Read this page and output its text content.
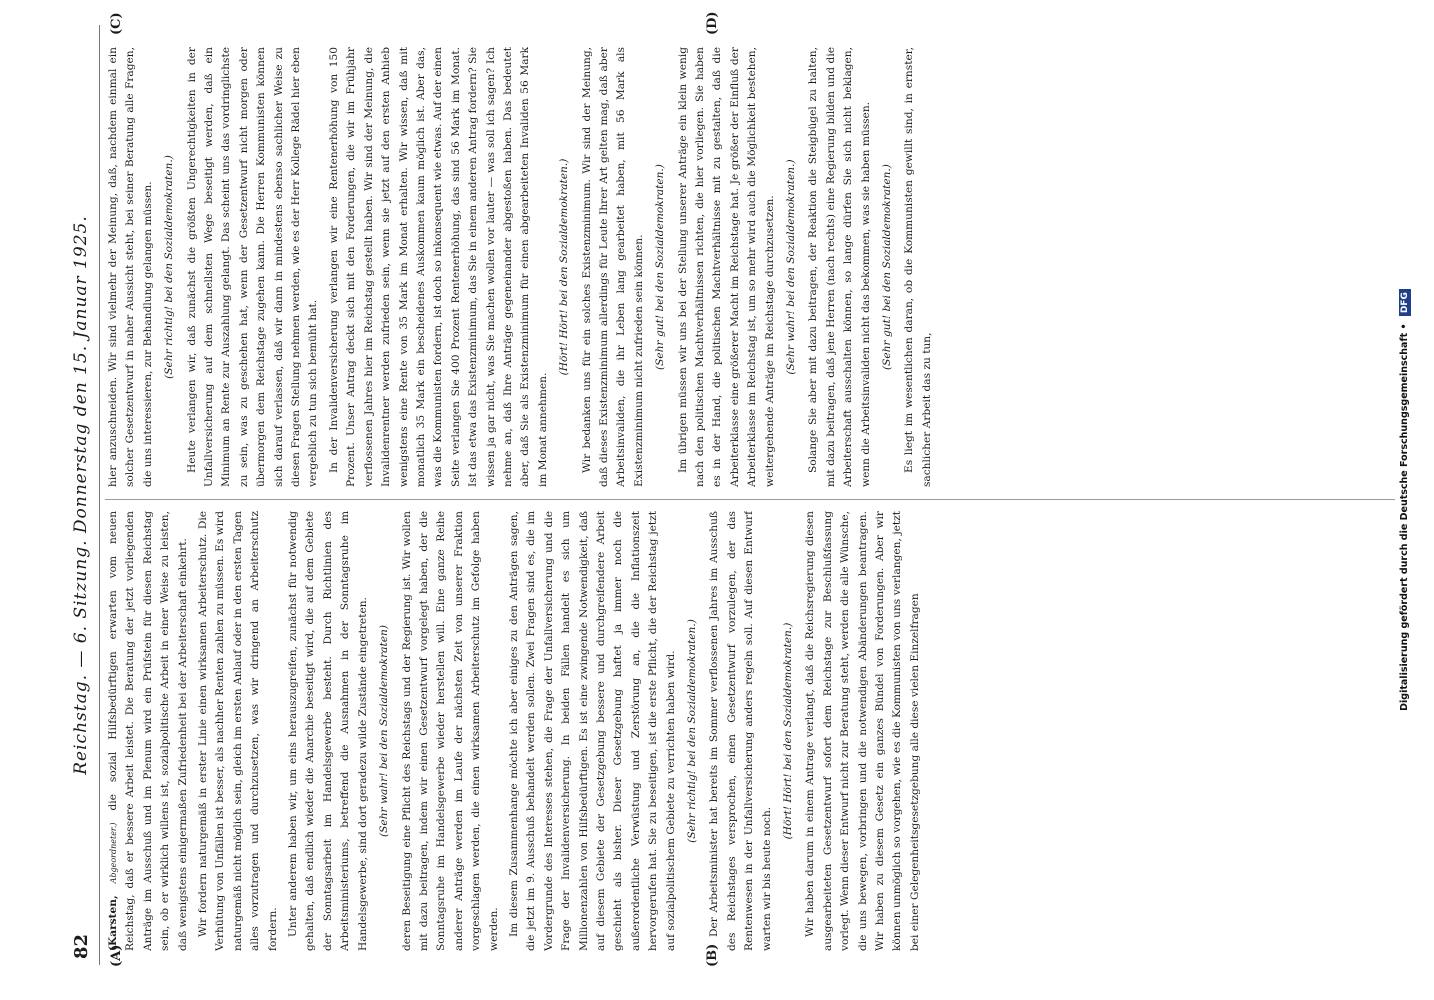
82
Reichstag. — 6. Sitzung. Donnerstag den 15. Januar 1925.
(A)	(B)
(C)	(D)

(Karsten, Abgeordneter.) die sozial Hilfsbedürftigen erwarten vom neuen Reichstag, daß er bessere Arbeit leistet. Die Beratung der jetzt vorliegenden Anträge im Ausschuß und im Plenum wird ein Prüfstein für diesen Reichstag sein, ob er wirklich willens ist, sozialpolitische Arbeit in einer Weise zu leisten, daß wenigstens einigermaßen Zufriedenheit bei der Arbeiterschaft einkehrt. Wir fordern naturgemäß in erster Linie einen wirksamen Arbeiterschutz. Die Verhütung von Unfällen ist besser, als nachher Renten zahlen zu müssen. Es wird naturgemäß nicht möglich sein, gleich im ersten Anlauf oder in den ersten Tagen alles vorzutragen und durchzusetzen, was wir dringend an Arbeiterschutz fordern. Unter anderem haben wir, um eins herauszugreifen, zunächst für notwendig gehalten, daß endlich wieder die Anarchie beseitigt wird, die auf dem Gebiete der Sonntagsarbeit im Handelsgewerbe besteht. Durch Richtlinien des Arbeitsministeriums, betreffend die Ausnahmen in der Sonntagsruhe im Handelsgewerbe, sind dort geradezu wilde Zustände eingetreten. (Sehr wahr! bei den Sozialdemokraten) deren Beseitigung eine Pflicht des Reichstags und der Regierung ist. Wir wollen mit dazu beitragen, indem wir einen Gesetzentwurf vorgelegt haben, der die Sonntagsruhe im Handelsgewerbe wieder herstellen will. Eine ganze Reihe anderer Anträge werden im Laufe der nächsten Zeit von unserer Fraktion vorgeschlagen werden, die einen wirksamen Arbeiterschutz im Gefolge haben werden. Im diesem Zusammenhange möchte ich aber einiges zu den Anträgen sagen, die jetzt im 9. Ausschuß behandelt werden sollen. Zwei Fragen sind es, die im Vordergrunde des Interesses stehen, die Frage der Unfallversicherung und die Frage der Invalidenversicherung. In beiden Fällen handelt es sich um Millionenzahlen von Hilfsbedürftigen. Es ist eine zwingende Notwendigkeit, daß auf diesem Gebiete der Gesetzgebung bessere und durchgreifendere Arbeit geschieht als bisher. Dieser Gesetzgebung haftet ja immer noch die außerordentliche Verwüstung und Zerstörung an, die die Inflationszeit hervorgerufen hat. Sie zu beseitigen, ist die erste Pflicht, die der Reichstag jetzt auf sozialpolitischem Gebiete zu verrichten haben wird. (Sehr richtig! bei den Sozialdemokraten.) Der Arbeitsminister hat bereits im Sommer verflossenen Jahres im Ausschuß des Reichstages versprochen, einen Gesetzentwurf vorzulegen, der das Rentenwesen in der Unfallversicherung anders regeln soll. Auf diesen Entwurf warten wir bis heute noch.

(Hört! Hört! bei den Sozialdemokraten.) Wir haben darum in einem Antrage verlangt, daß die Reichsregierung diesen ausgearbeiteten Gesetzentwurf sofort dem Reichstage zur Beschlußfassung vorlegt. Wenn dieser Entwurf nicht zur Beratung steht, werden die alle Wünsche, die uns bewegen, vorbringen und die notwendigen Abänderungen beantragen. Wir haben zu diesem Gesetz ein ganzes Bündel von Forderungen. Aber wir können unmöglich so vorgehen, wie es die Kommunisten von uns verlangen, jetzt bei einer Gelegenheitsgesetzgebung alle diese vielen Einzelfragen

hier anzuschneiden. Wir sind vielmehr der Meinung, daß, nachdem einmal ein solcher Gesetzentwurf in naher Aussicht steht, bei seiner Beratung alle Fragen, die uns interessieren, zur Behandlung gelangen müssen. (Sehr richtig! bei den Sozialdemokraten.) Heute verlangen wir, daß zunächst die größten Ungerechtigkeiten in der Unfallversicherung auf dem schnellsten Wege beseitigt werden, daß ein Minimum an Rente zur Auszahlung gelangt. Das scheint uns das vordringlichste zu sein, was zu geschehen hat, wenn der Gesetzentwurf nicht morgen oder übermorgen dem Reichstage zugehen kann. Die Herren Kommunisten können sich darauf verlassen, daß wir dann in mindestens ebenso sachlicher Weise zu diesen Fragen Stellung nehmen werden, wie es der Herr Kollege Rädel hier eben vergeblich zu tun sich bemüht hat. In der Invalidenversicherung verlangen wir eine Rentenerhöhung von 150 Prozent. Unser Antrag deckt sich mit den Forderungen, die wir im Frühjahr verflossenen Jahres hier im Reichstag gestellt haben. Wir sind der Meinung, die Invalidenrentner werden zufrieden sein, wenn sie jetzt auf den ersten Anhieb wenigstens eine Rente von 35 Mark im Monat erhalten. Wir wissen, daß mit monatlich 35 Mark ein bescheidenes Auskommen kaum möglich ist. Aber das, was die Kommunisten fordern, ist doch so inkonsequent wie etwas. Auf der einen Seite verlangen Sie 400 Prozent Rentenerhöhung, das sind 56 Mark im Monat. Ist das etwa das Existenzminimum, das Sie in einem anderen Antrag fordern? Sie wissen ja gar nicht, was Sie machen wollen vor lauter — was soll ich sagen? Ich nehme an, daß Ihre Anträge gegeneinander abgestoßen haben. Das bedeutet aber, daß Sie als Existenzminimum für einen abgearbeiteten Invaliden 56 Mark im Monat annehmen.

(Hört! Hört! bei den Sozialdemokraten.) Wir bedanken uns für ein solches Existenzminimum. Wir sind der Meinung, daß dieses Existenzminimum allerdings für Leute Ihrer Art gelten mag, daß aber Arbeitsinvaliden, die ihr Leben lang gearbeitet haben, mit 56 Mark als Existenzminimum nicht zufrieden sein können. (Sehr gut! bei den Sozialdemokraten.) Im übrigen müssen wir uns bei der Stellung unserer Anträge ein klein wenig nach den politischen Machtverhältnissen richten, die hier vorliegen. Sie haben es in der Hand, die politischen Machtverhältnisse mit zu gestalten, daß die Arbeiterklasse eine größerer Macht im Reichstage hat. Je größer der Einfluß der Arbeiterklasse im Reichstag ist, um so mehr wird auch die Möglichkeit bestehen, weitergehende Anträge im Reichstage durchzusetzen. (Sehr wahr! bei den Sozialdemokraten.) Solange Sie aber mit dazu beitragen, der Reaktion die Steigbügel zu halten, mit dazu beitragen, daß jene Herren (nach rechts) eine Regierung bilden und die Arbeiterschaft ausschalten können, so lange dürfen Sie sich nicht beklagen, wenn die Arbeitsinvaliden nicht das bekommen, was sie haben müssen. (Sehr gut! bei den Sozialdemokraten.) Es liegt im wesentlichen daran, ob die Kommunisten gewillt sind, in ernster, sachlicher Arbeit das zu tun,	Digitalisierung gefördert durch die Deutsche Forschungsgemeinschaft • DFG
